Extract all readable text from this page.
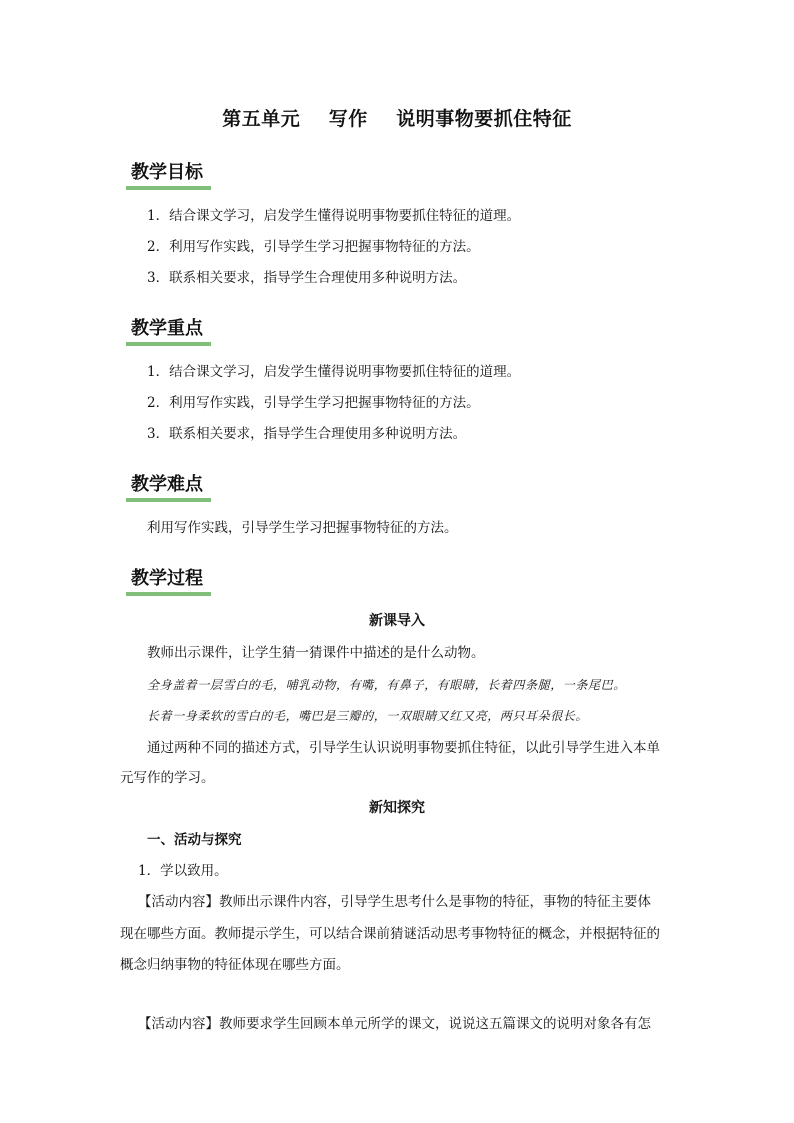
第五单元    写作    说明事物要抓住特征
教学目标
1．结合课文学习，启发学生懂得说明事物要抓住特征的道理。
2．利用写作实践，引导学生学习把握事物特征的方法。
3．联系相关要求，指导学生合理使用多种说明方法。
教学重点
1．结合课文学习，启发学生懂得说明事物要抓住特征的道理。
2．利用写作实践，引导学生学习把握事物特征的方法。
3．联系相关要求，指导学生合理使用多种说明方法。
教学难点
利用写作实践，引导学生学习把握事物特征的方法。
教学过程
新课导入
教师出示课件，让学生猜一猜课件中描述的是什么动物。
全身盖着一层雪白的毛，哺乳动物，有嘴，有鼻子，有眼睛，长着四条腿，一条尾巴。
长着一身柔软的雪白的毛，嘴巴是三瓣的，一双眼睛又红又亮，两只耳朵很长。
通过两种不同的描述方式，引导学生认识说明事物要抓住特征，以此引导学生进入本单
元写作的学习。
新知探究
一、活动与探究
1．学以致用。
【活动内容】教师出示课件内容，引导学生思考什么是事物的特征，事物的特征主要体
现在哪些方面。教师提示学生，可以结合课前猜谜活动思考事物特征的概念，并根据特征的
概念归纳事物的特征体现在哪些方面。
【活动内容】教师要求学生回顾本单元所学的课文，说说这五篇课文的说明对象各有怎
